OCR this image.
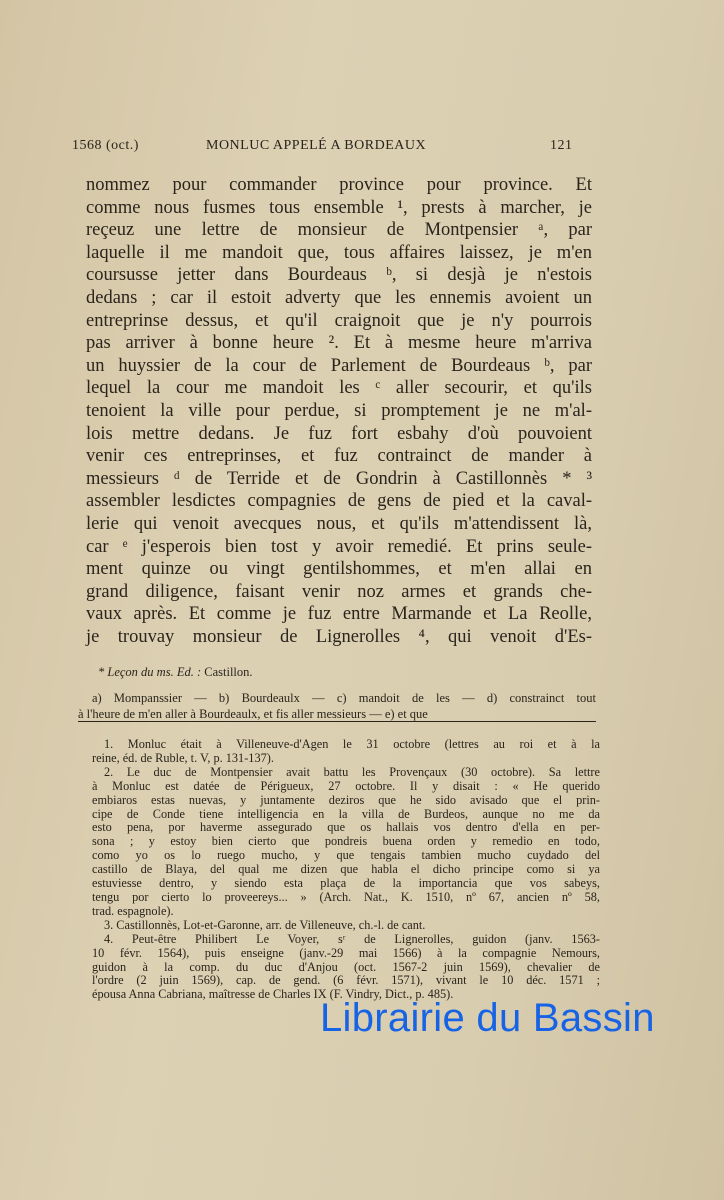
1568 (oct.)	MONLUC APPELÉ A BORDEAUX	121
nommez pour commander province pour province. Et
comme nous fusmes tous ensemble ¹, prests à marcher, je
reçeuz une lettre de monsieur de Montpensier ᵃ, par
laquelle il me mandoit que, tous affaires laissez, je m'en
coursusse jetter dans Bourdeaus ᵇ, si desjà je n'estois
dedans ; car il estoit adverty que les ennemis avoient un
entreprinse dessus, et qu'il craignoit que je n'y pourrois
pas arriver à bonne heure ². Et à mesme heure m'arriva
un huyssier de la cour de Parlement de Bourdeaus ᵇ, par
lequel la cour me mandoit les ᶜ aller secourir, et qu'ils
tenoient la ville pour perdue, si promptement je ne m'al-
lois mettre dedans. Je fuz fort esbahy d'où pouvoient
venir ces entreprinses, et fuz contrainct de mander à
messieurs ᵈ de Terride et de Gondrin à Castillonnès * ³
assembler lesdictes compagnies de gens de pied et la caval-
lerie qui venoit avecques nous, et qu'ils m'attendissent là,
car ᵉ j'esperois bien tost y avoir remedié. Et prins seule-
ment quinze ou vingt gentilshommes, et m'en allai en
grand diligence, faisant venir noz armes et grands che-
vaux après. Et comme je fuz entre Marmande et La Reolle,
je trouvay monsieur de Lignerolles ⁴, qui venoit d'Es-
* Leçon du ms. Ed. : Castillon.
a) Mompanssier — b) Bourdeaulx — c) mandoit de les — d) constrainct tout
à l'heure de m'en aller à Bourdeaulx, et fis aller messieurs — e) et que
1. Monluc était à Villeneuve-d'Agen le 31 octobre (lettres au roi et à la
reine, éd. de Ruble, t. V, p. 131-137).
2. Le duc de Montpensier avait battu les Provençaux (30 octobre). Sa lettre
à Monluc est datée de Périgueux, 27 octobre. Il y disait : « He querido
embiaros estas nuevas, y juntamente deziros que he sido avisado que el prin-
cipe de Conde tiene intelligencia en la villa de Burdeos, aunque no me da
esto pena, por haverme assegurado que os hallais vos dentro d'ella en per-
sona ; y estoy bien cierto que pondreis buena orden y remedio en todo,
como yo os lo ruego mucho, y que tengais tambien mucho cuydado del
castillo de Blaya, del qual me dizen que habla el dicho principe como si ya
estuviesse dentro, y siendo esta plaça de la importancia que vos sabeys,
tengu por cierto lo proveereys... » (Arch. Nat., K. 1510, nº 67, ancien nº 58,
trad. espagnole).
3. Castillonnès, Lot-et-Garonne, arr. de Villeneuve, ch.-l. de cant.
4. Peut-être Philibert Le Voyer, sʳ de Lignerolles, guidon (janv. 1563-
10 févr. 1564), puis enseigne (janv.-29 mai 1566) à la compagnie Nemours,
guidon à la comp. du duc d'Anjou (oct. 1567-2 juin 1569), chevalier de
l'ordre (2 juin 1569), cap. de gend. (6 févr. 1571), vivant le 10 déc. 1571 ;
épousa Anna Cabriana, maîtresse de Charles IX (F. Vindry, Dict., p. 485).
Librairie du Bassin
